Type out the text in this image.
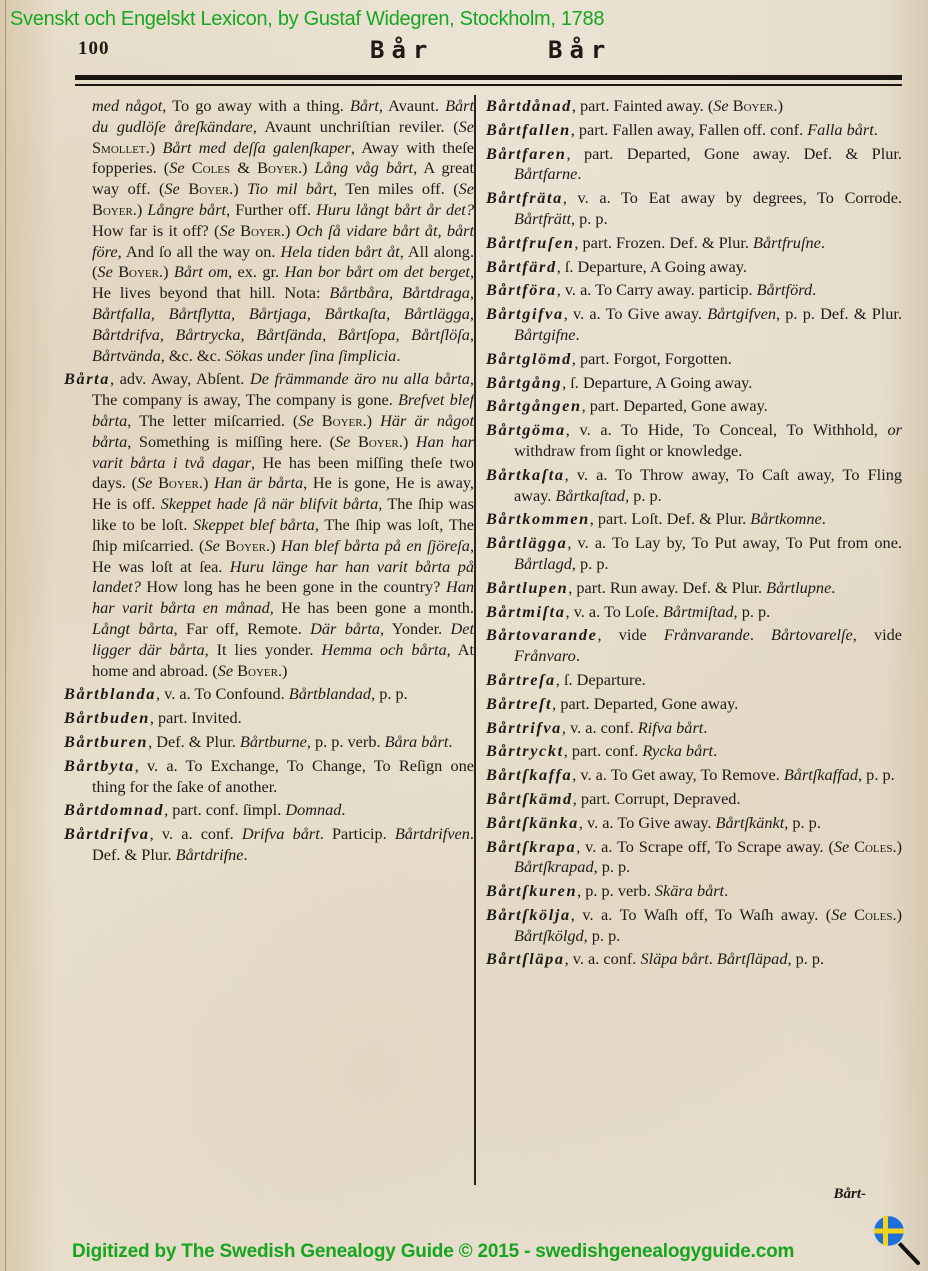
Svenskt och Engelskt Lexicon, by Gustaf Widegren, Stockholm, 1788
100	Bår	Bår

med något, To go away with a thing. Bårt, Avaunt. Bårt du gudlöſe åreſkändare, Avaunt unchriſtian reviler. (Se Smollet.) Bårt med deſſa galenſkaper, Away with theſe fopperies. (Se Coles & Boyer.) Lång våg bårt, A great way off. (Se Boyer.) Tio mil bårt, Ten miles off. (Se Boyer.) Långre bårt, Further off. Huru långt bårt år det? How far is it off? (Se Boyer.) Och ſå vidare bårt åt, bårt före, And ſo all the way on. Hela tiden bårt åt, All along. (Se Boyer.) Bårt om, ex. gr. Han bor bårt om det berget, He lives beyond that hill. Nota: Bårtbåra, Bårtdraga, Bårtfalla, Bårtflytta, Bårtjaga, Bårtkaſta, Bårtlägga, Bårtdrifva, Bårtrycka, Bårtſända, Bårtſopa, Bårtſlöſa, Bårtvända, &c. &c. Sökas under ſina ſimplicia.

Bårta, adv. Away, Abſent. De främmande äro nu alla bårta, The company is away, The company is gone. Brefvet blef bårta, The letter miſcarried. (Se Boyer.) Här är något bårta, Something is miſſing here. (Se Boyer.) Han har varit bårta i två dagar, He has been miſſing theſe two days. (Se Boyer.) Han är bårta, He is gone, He is away, He is off. Skeppet hade ſå när blifvit bårta, The ſhip was like to be loſt. Skeppet blef bårta, The ſhip was loſt, The ſhip miſcarried. (Se Boyer.) Han blef bårta på en ſjöreſa, He was loſt at ſea. Huru länge har han varit bårta på landet? How long has he been gone in the country? Han har varit bårta en månad, He has been gone a month. Långt bårta, Far off, Remote. Där bårta, Yonder. Det ligger där bårta, It lies yonder. Hemma och bårta, At home and abroad. (Se Boyer.)

Bårtblanda, v. a. To Confound. Bårtblandad, p. p.

Bårtbuden, part. Invited.

Bårtburen, Def. & Plur. Bårtburne, p. p. verb. Båra bårt.

Bårtbyta, v. a. To Exchange, To Change, To Reſign one thing for the ſake of another.

Bårtdomnad, part. conf. ſimpl. Domnad.

Bårtdrifva, v. a. conf. Drifva bårt. Particip. Bårtdrifven. Def. & Plur. Bårtdrifne.

Bårtdånad, part. Fainted away. (Se Boyer.)

Bårtfallen, part. Fallen away, Fallen off. conf. Falla bårt.

Bårtfaren, part. Departed, Gone away. Def. & Plur. Bårtfarne.

Bårtfräta, v. a. To Eat away by degrees, To Corrode. Bårtfrätt, p. p.

Bårtfruſen, part. Frozen. Def. & Plur. Bårtfruſne.

Bårtfärd, ſ. Departure, A Going away.

Bårtföra, v. a. To Carry away. particip. Bårtförd.

Bårtgifva, v. a. To Give away. Bårtgifven, p. p. Def. & Plur. Bårtgifne.

Bårtglömd, part. Forgot, Forgotten.

Bårtgång, ſ. Departure, A Going away.

Bårtgången, part. Departed, Gone away.

Bårtgöma, v. a. To Hide, To Conceal, To Withhold, or withdraw from ſight or knowledge.

Bårtkaſta, v. a. To Throw away, To Caſt away, To Fling away. Bårtkaſtad, p. p.

Bårtkommen, part. Loſt. Def. & Plur. Bårtkomne.

Bårtlägga, v. a. To Lay by, To Put away, To Put from one. Bårtlagd, p. p.

Bårtlupen, part. Run away. Def. & Plur. Bårtlupne.

Bårtmiſta, v. a. To Loſe. Bårtmiſtad, p. p.

Bårtovarande, vide Frånvarande. Bårtovarelſe, vide Frånvaro.

Bårtreſa, ſ. Departure.

Bårtreſt, part. Departed, Gone away.

Bårtrifva, v. a. conf. Rifva bårt.

Bårtryckt, part. conf. Rycka bårt.

Bårtſkaffa, v. a. To Get away, To Remove. Bårtſkaffad, p. p.

Bårtſkämd, part. Corrupt, Depraved.

Bårtſkänka, v. a. To Give away. Bårtſkänkt, p. p.

Bårtſkrapa, v. a. To Scrape off, To Scrape away. (Se Coles.) Bårtſkrapad, p. p.

Bårtſkuren, p. p. verb. Skära bårt.

Bårtſkölja, v. a. To Waſh off, To Waſh away. (Se Coles.) Bårtſkölgd, p. p.

Bårtſläpa, v. a. conf. Släpa bårt. Bårtſläpad, p. p.

Bårt-
Digitized by The Swedish Genealogy Guide © 2015 - swedishgenealogyguide.com
